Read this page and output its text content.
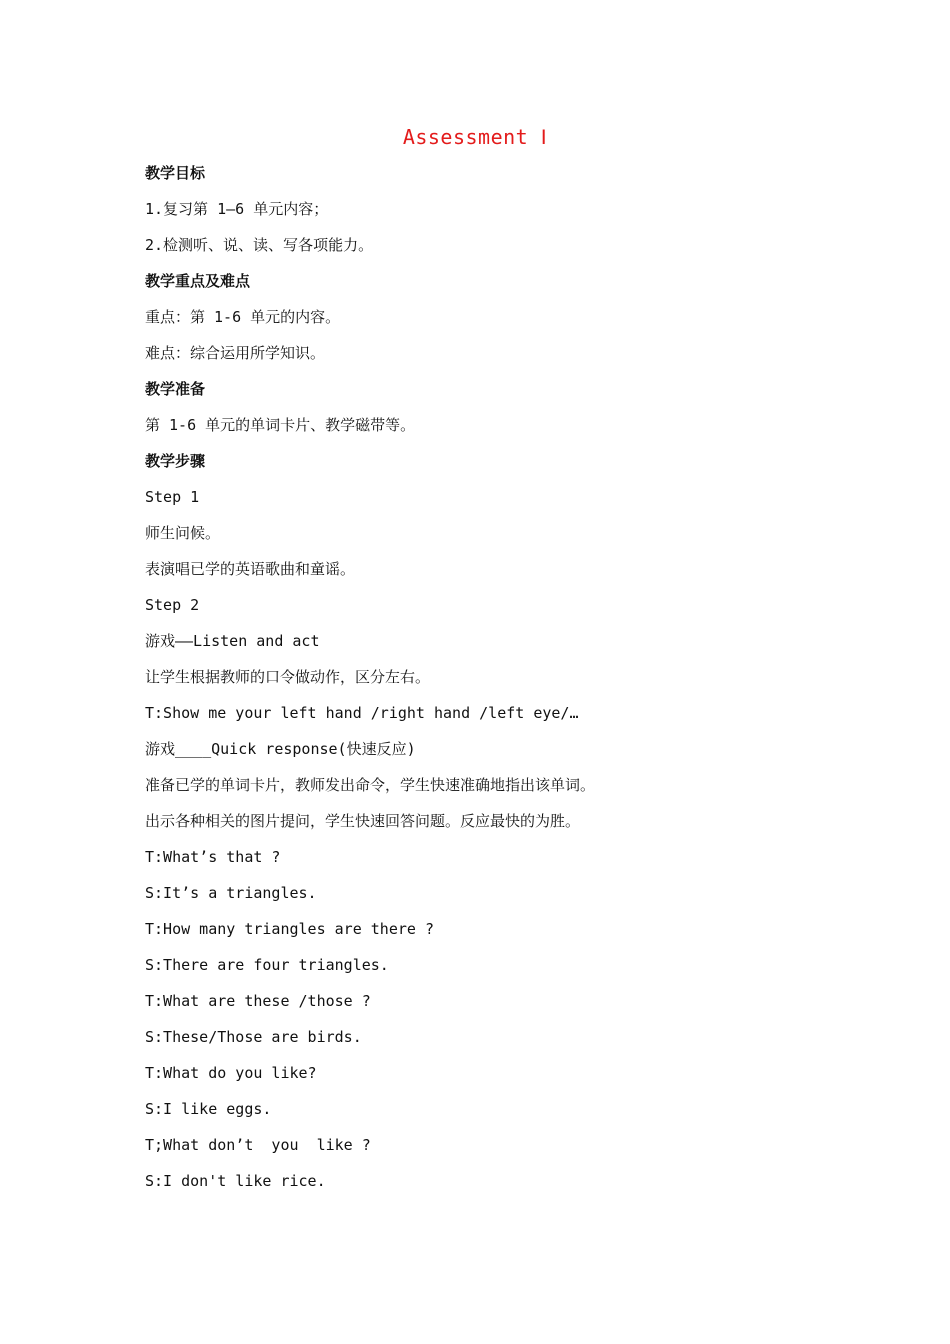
Assessment Ⅰ
教学目标
1.复习第 1—6 单元内容；
2.检测听、说、读、写各项能力。
教学重点及难点
重点：第 1-6 单元的内容。
难点：综合运用所学知识。
教学准备
第 1-6 单元的单词卡片、教学磁带等。
教学步骤
Step 1
师生问候。
表演唱已学的英语歌曲和童谣。
Step 2
游戏——Listen and act
让学生根据教师的口令做动作，区分左右。
T:Show me your left hand /right hand /left eye/…
游戏____Quick response(快速反应)
准备已学的单词卡片，教师发出命令，学生快速准确地指出该单词。
出示各种相关的图片提问，学生快速回答问题。反应最快的为胜。
T:What’s that ?
S:It’s a triangles.
T:How many triangles are there ?
S:There are four triangles.
T:What are these /those ?
S:These/Those are birds.
T:What do you like?
S:I like eggs.
T;What don’t  you  like ?
S:I don't like rice.
